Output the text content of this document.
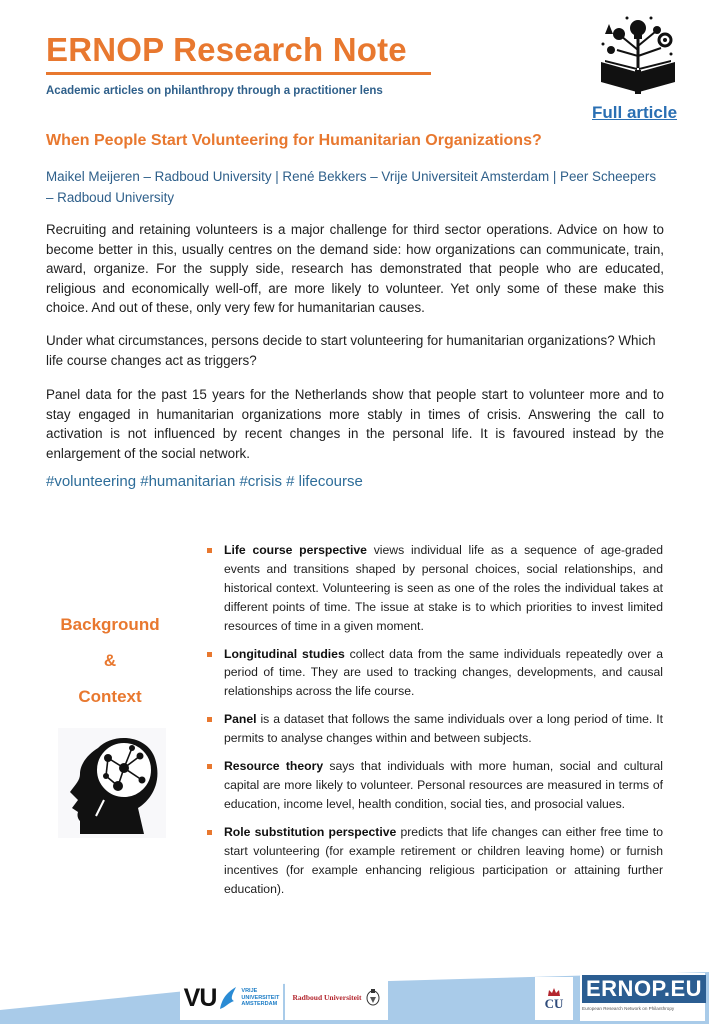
ERNOP Research Note
Academic articles on philanthropy through a practitioner lens
Full article
When People Start Volunteering for Humanitarian Organizations?
Maikel Meijeren – Radboud University | René Bekkers – Vrije Universiteit Amsterdam | Peer Scheepers – Radboud University

Recruiting and retaining volunteers is a major challenge for third sector operations. Advice on how to become better in this, usually centres on the demand side: how organizations can communicate, train, award, organize. For the supply side, research has demonstrated that people who are educated, religious and economically well-off, are more likely to volunteer. Yet only some of these make this choice. And out of these, only very few for humanitarian causes.

Under what circumstances, persons decide to start volunteering for humanitarian organizations? Which life course changes act as triggers?

Panel data for the past 15 years for the Netherlands show that people start to volunteer more and to stay engaged in humanitarian organizations more stably in times of crisis. Answering the call to activation is not influenced by recent changes in the personal life. It is favoured instead by the enlargement of the social network.

#volunteering #humanitarian #crisis # lifecourse
Background
&
Context
Life course perspective views individual life as a sequence of age-graded events and transitions shaped by personal choices, social relationships, and historical context. Volunteering is seen as one of the roles the individual takes at different points of time. The issue at stake is to which priorities to invest limited resources of time in a given moment.
Longitudinal studies collect data from the same individuals repeatedly over a period of time. They are used to tracking changes, developments, and causal relationships across the life course.
Panel is a dataset that follows the same individuals over a long period of time. It permits to analyse changes within and between subjects.
Resource theory says that individuals with more human, social and cultural capital are more likely to volunteer. Personal resources are measured in terms of education, income level, health condition, social ties, and prosocial values.
Role substitution perspective predicts that life changes can either free time to start volunteering (for example retirement or children leaving home) or furnish incentives (for example enhancing religious participation or attaining further education).
VU	VRIJE
UNIVERSITEIT
AMSTERDAM
Radboud Universiteit	CU
ERNOP.EU
European Research Network on Philanthropy
